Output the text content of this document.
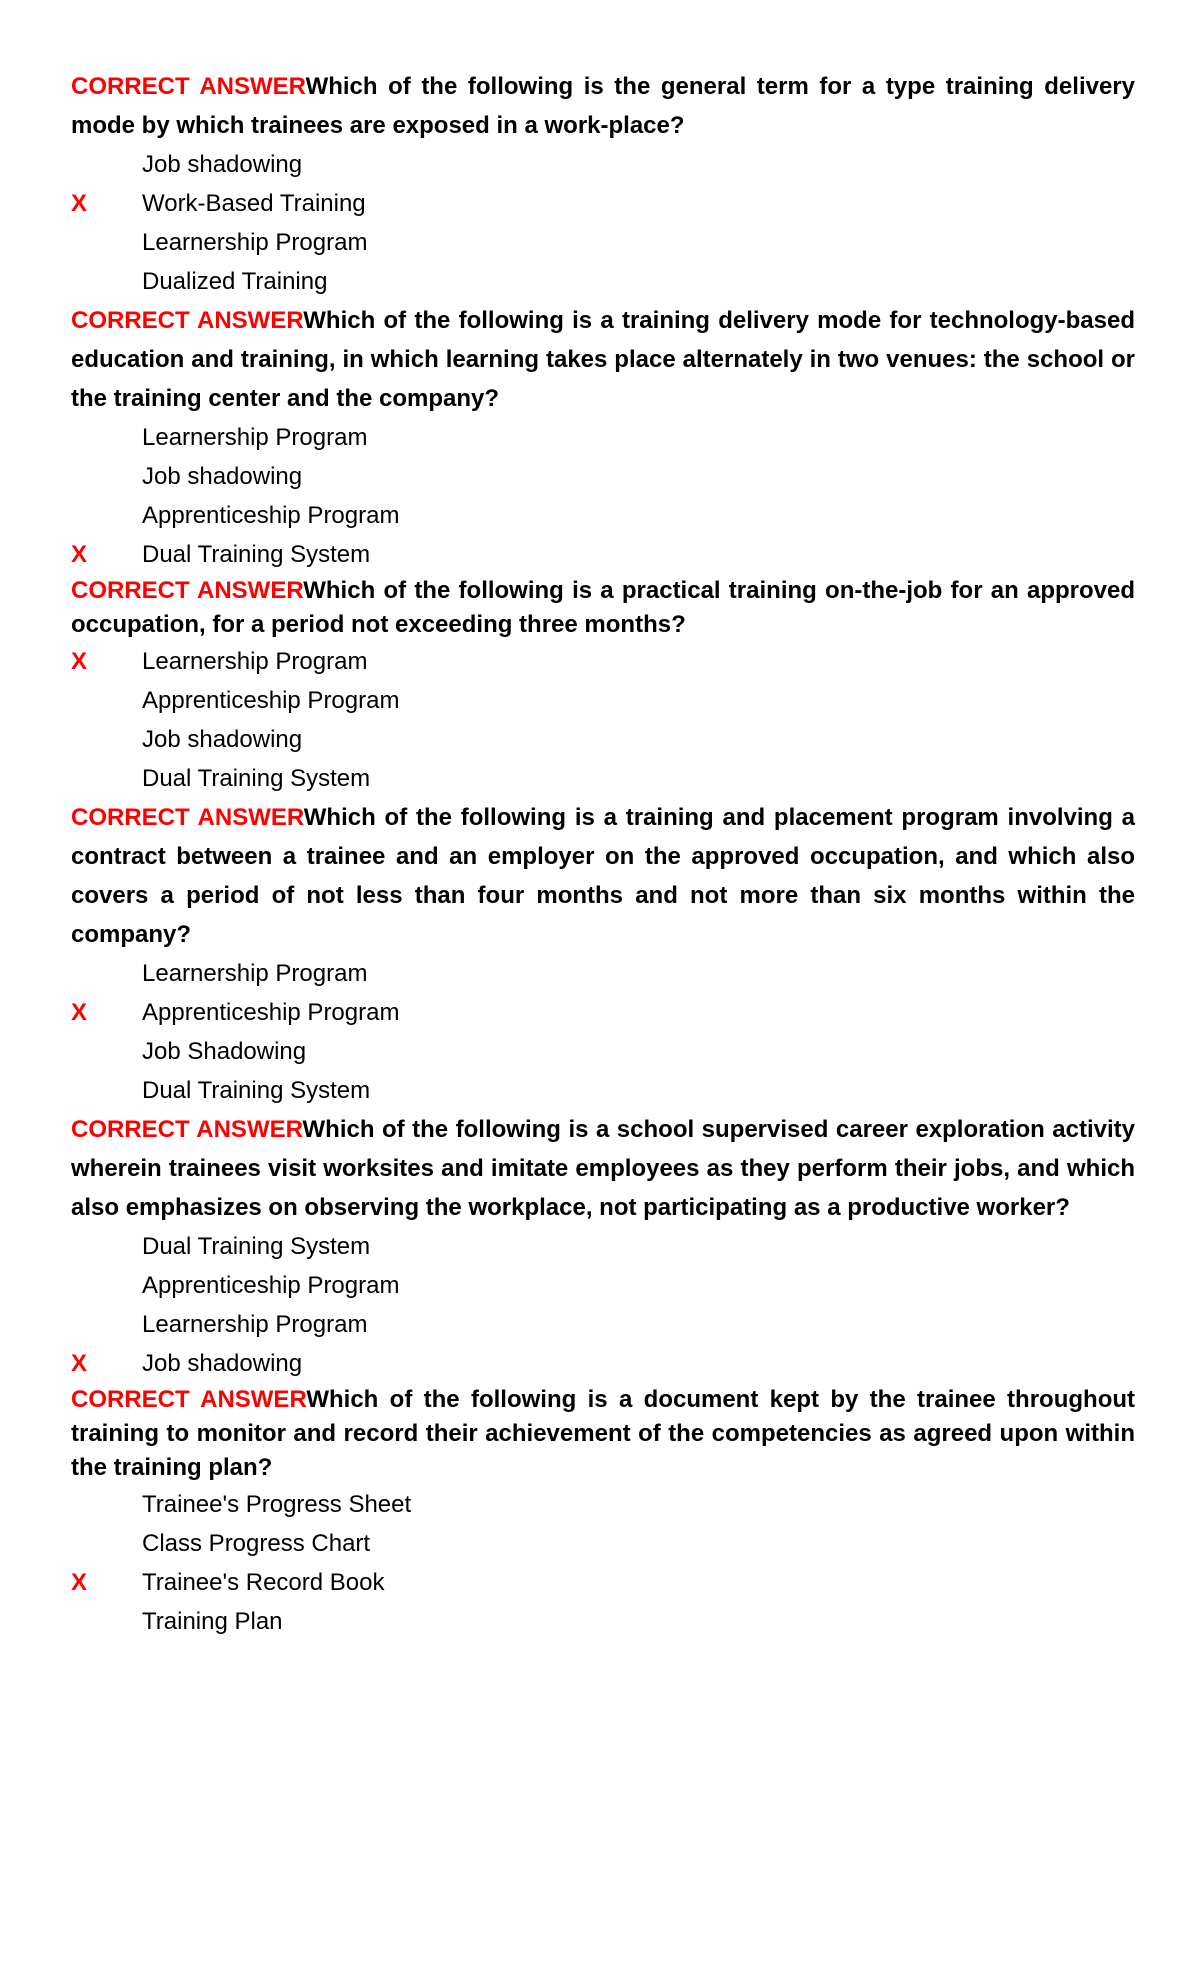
CORRECT ANSWERWhich of the following is the general term for a type training delivery mode by which trainees are exposed in a work-place?

Job shadowing
X	Work-Based Training
Learnership Program
Dualized Training

CORRECT ANSWERWhich of the following is a training delivery mode for technology-based education and training, in which learning takes place alternately in two venues: the school or the training center and the company?

Learnership Program
Job shadowing
Apprenticeship Program
X	Dual Training System

CORRECT ANSWERWhich of the following is a practical training on-the-job for an approved occupation, for a period not exceeding three months?

X	Learnership Program
Apprenticeship Program
Job shadowing
Dual Training System

CORRECT ANSWERWhich of the following is a training and placement program involving a contract between a trainee and an employer on the approved occupation, and which also covers a period of not less than four months and not more than six months within the company?

Learnership Program
X	Apprenticeship Program
Job Shadowing
Dual Training System

CORRECT ANSWERWhich of the following is a school supervised career exploration activity wherein trainees visit worksites and imitate employees as they perform their jobs, and which also emphasizes on observing the workplace, not participating as a productive worker?

Dual Training System
Apprenticeship Program
Learnership Program
X	Job shadowing

CORRECT ANSWERWhich of the following is a document kept by the trainee throughout training to monitor and record their achievement of the competencies as agreed upon within the training plan?

Trainee's Progress Sheet
Class Progress Chart
X	Trainee's Record Book
Training Plan
